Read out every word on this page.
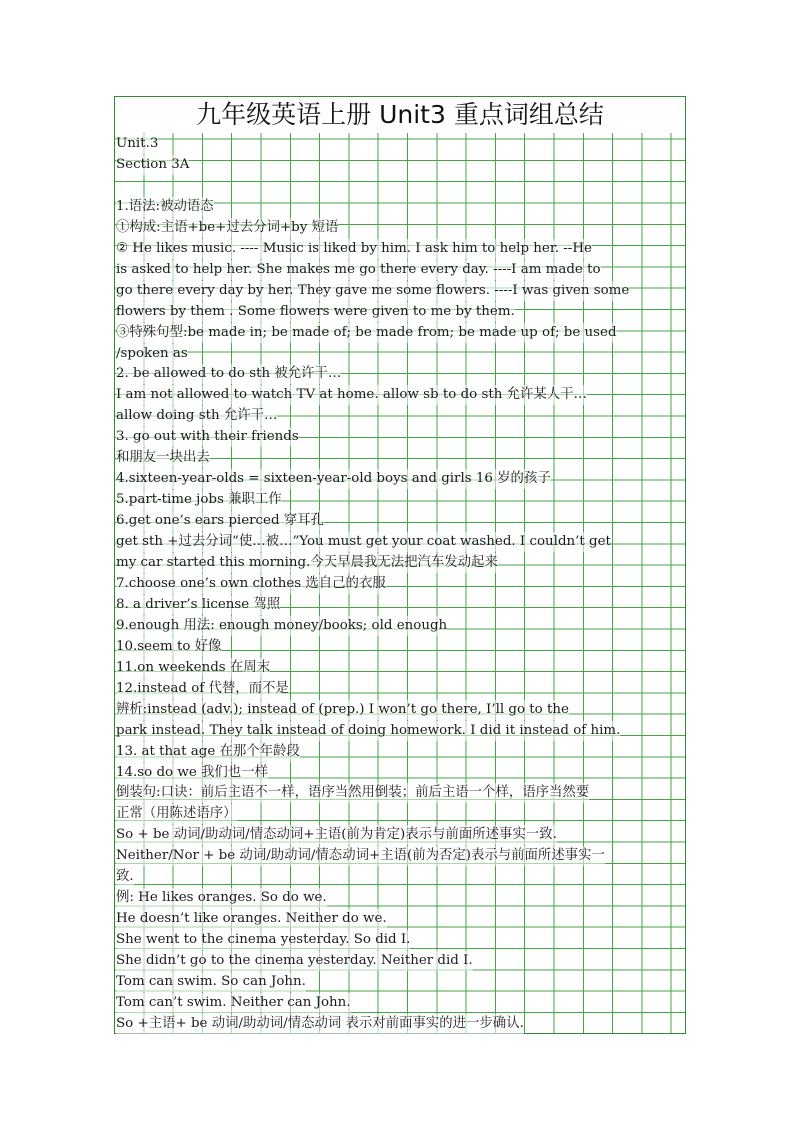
九年级英语上册 Unit3 重点词组总结
Unit.3
Section 3A
1.语法:被动语态
①构成:主语+be+过去分词+by 短语
② He likes music. ---- Music is liked by him. I ask him to help her. --He
is asked to help her. She makes me go there every day. ----I am made to
go there every day by her. They gave me some flowers. ----I was given some
flowers by them . Some flowers were given to me by them.
③特殊句型:be made in; be made of; be made from; be made up of; be used
/spoken as
2. be allowed to do sth 被允许干…
I am not allowed to watch TV at home. allow sb to do sth 允许某人干…
allow doing sth 允许干…
3. go out with their friends
和朋友一块出去
4.sixteen-year-olds = sixteen-year-old boys and girls 16 岁的孩子
5.part-time jobs 兼职工作
6.get one’s ears pierced 穿耳孔
get sth +过去分词“使…被…”You must get your coat washed. I couldn’t get
my car started this morning.今天早晨我无法把汽车发动起来
7.choose one’s own clothes 选自己的衣服
8. a driver’s license 驾照
9.enough 用法: enough money/books; old enough
10.seem to 好像
11.on weekends 在周末
12.instead of 代替，而不是
辨析:instead (adv.); instead of (prep.) I won’t go there, I’ll go to the
park instead. They talk instead of doing homework. I did it instead of him.
13. at that age 在那个年龄段
14.so do we 我们也一样
倒装句:口诀：前后主语不一样，语序当然用倒装；前后主语一个样，语序当然要
正常（用陈述语序）
So + be 动词/助动词/情态动词+主语(前为肯定)表示与前面所述事实一致.
Neither/Nor + be 动词/助动词/情态动词+主语(前为否定)表示与前面所述事实一
致.
例: He likes oranges. So do we.
He doesn’t like oranges. Neither do we.
She went to the cinema yesterday. So did I.
She didn’t go to the cinema yesterday. Neither did I.
Tom can swim. So can John.
Tom can’t swim. Neither can John.
So +主语+ be 动词/助动词/情态动词 表示对前面事实的进一步确认.
